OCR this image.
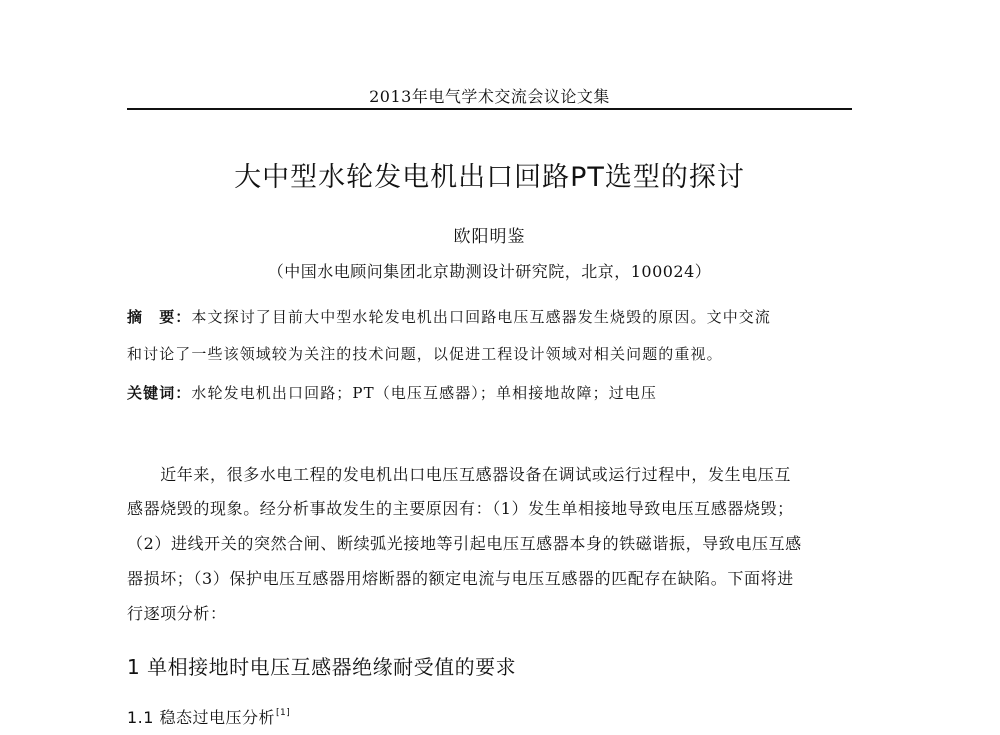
2013年电气学术交流会议论文集
大中型水轮发电机出口回路PT选型的探讨
欧阳明鉴
（中国水电顾问集团北京勘测设计研究院，北京，100024）
摘　要：本文探讨了目前大中型水轮发电机出口回路电压互感器发生烧毁的原因。文中交流
和讨论了一些该领域较为关注的技术问题，以促进工程设计领域对相关问题的重视。
关键词：水轮发电机出口回路；PT（电压互感器）；单相接地故障；过电压
　　近年来，很多水电工程的发电机出口电压互感器设备在调试或运行过程中，发生电压互
感器烧毁的现象。经分析事故发生的主要原因有：（1）发生单相接地导致电压互感器烧毁；
（2）进线开关的突然合闸、断续弧光接地等引起电压互感器本身的铁磁谐振，导致电压互感
器损坏；（3）保护电压互感器用熔断器的额定电流与电压互感器的匹配存在缺陷。下面将进
行逐项分析：
1 单相接地时电压互感器绝缘耐受值的要求
1.1 稳态过电压分析[1]
